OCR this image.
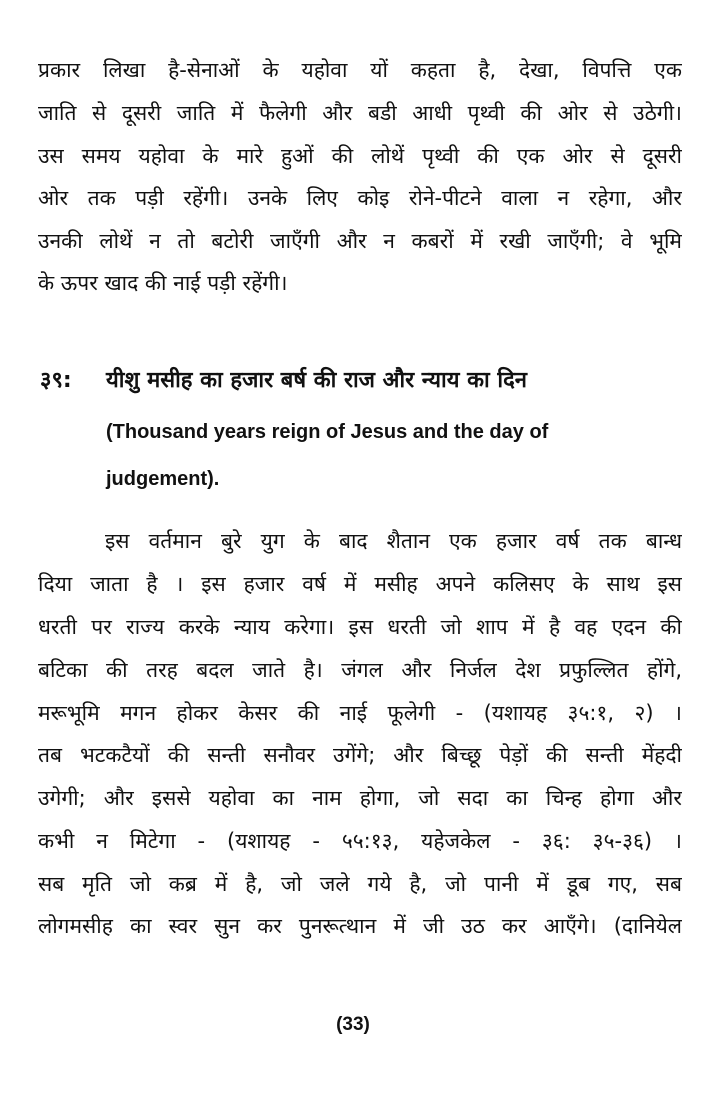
प्रकार लिखा है-सेनाओं के यहोवा यों कहता है, देखा, विपत्ति एक
जाति से दूसरी जाति में फैलेगी और बडी आधी पृथ्वी की ओर से उठेगी।
उस समय यहोवा के मारे हुओं की लोथें पृथ्वी की एक ओर से दूसरी
ओर तक पड़ी रहेंगी। उनके लिए कोइ रोने-पीटने वाला न रहेगा, और
उनकी लोथें न तो बटोरी जाएँगी और न कबरों में रखी जाएँगी; वे भूमि
के ऊपर खाद की नाई पड़ी रहेंगी।
३९: यीशु मसीह का हजार बर्ष की राज और न्याय का दिन
(Thousand years reign of Jesus and the day of
judgement).
इस वर्तमान बुरे युग के बाद शैतान एक हजार वर्ष तक बान्ध
दिया जाता है । इस हजार वर्ष में मसीह अपने कलिसए के साथ इस
धरती पर राज्य करके न्याय करेगा। इस धरती जो शाप में है वह एदन की
बटिका की तरह बदल जाते है। जंगल और निर्जल देश प्रफुल्लित होंगे,
मरूभूमि मगन होकर केसर की नाई फूलेगी - (यशायह ३५:१, २) ।
तब भटकटैयों की सन्ती सनौवर उगेंगे; और बिच्छू पेड़ों की सन्ती मेंहदी
उगेगी; और इससे यहोवा का नाम होगा, जो सदा का चिन्ह होगा और
कभी न मिटेगा - (यशायह - ५५:१३, यहेजकेल - ३६: ३५-३६) ।
सब मृति जो कब्र में है, जो जले गये है, जो पानी में डूब गए, सब
लोगमसीह का स्वर सुन कर पुनरूत्थान में जी उठ कर आएँगे। (दानियेल
(33)
